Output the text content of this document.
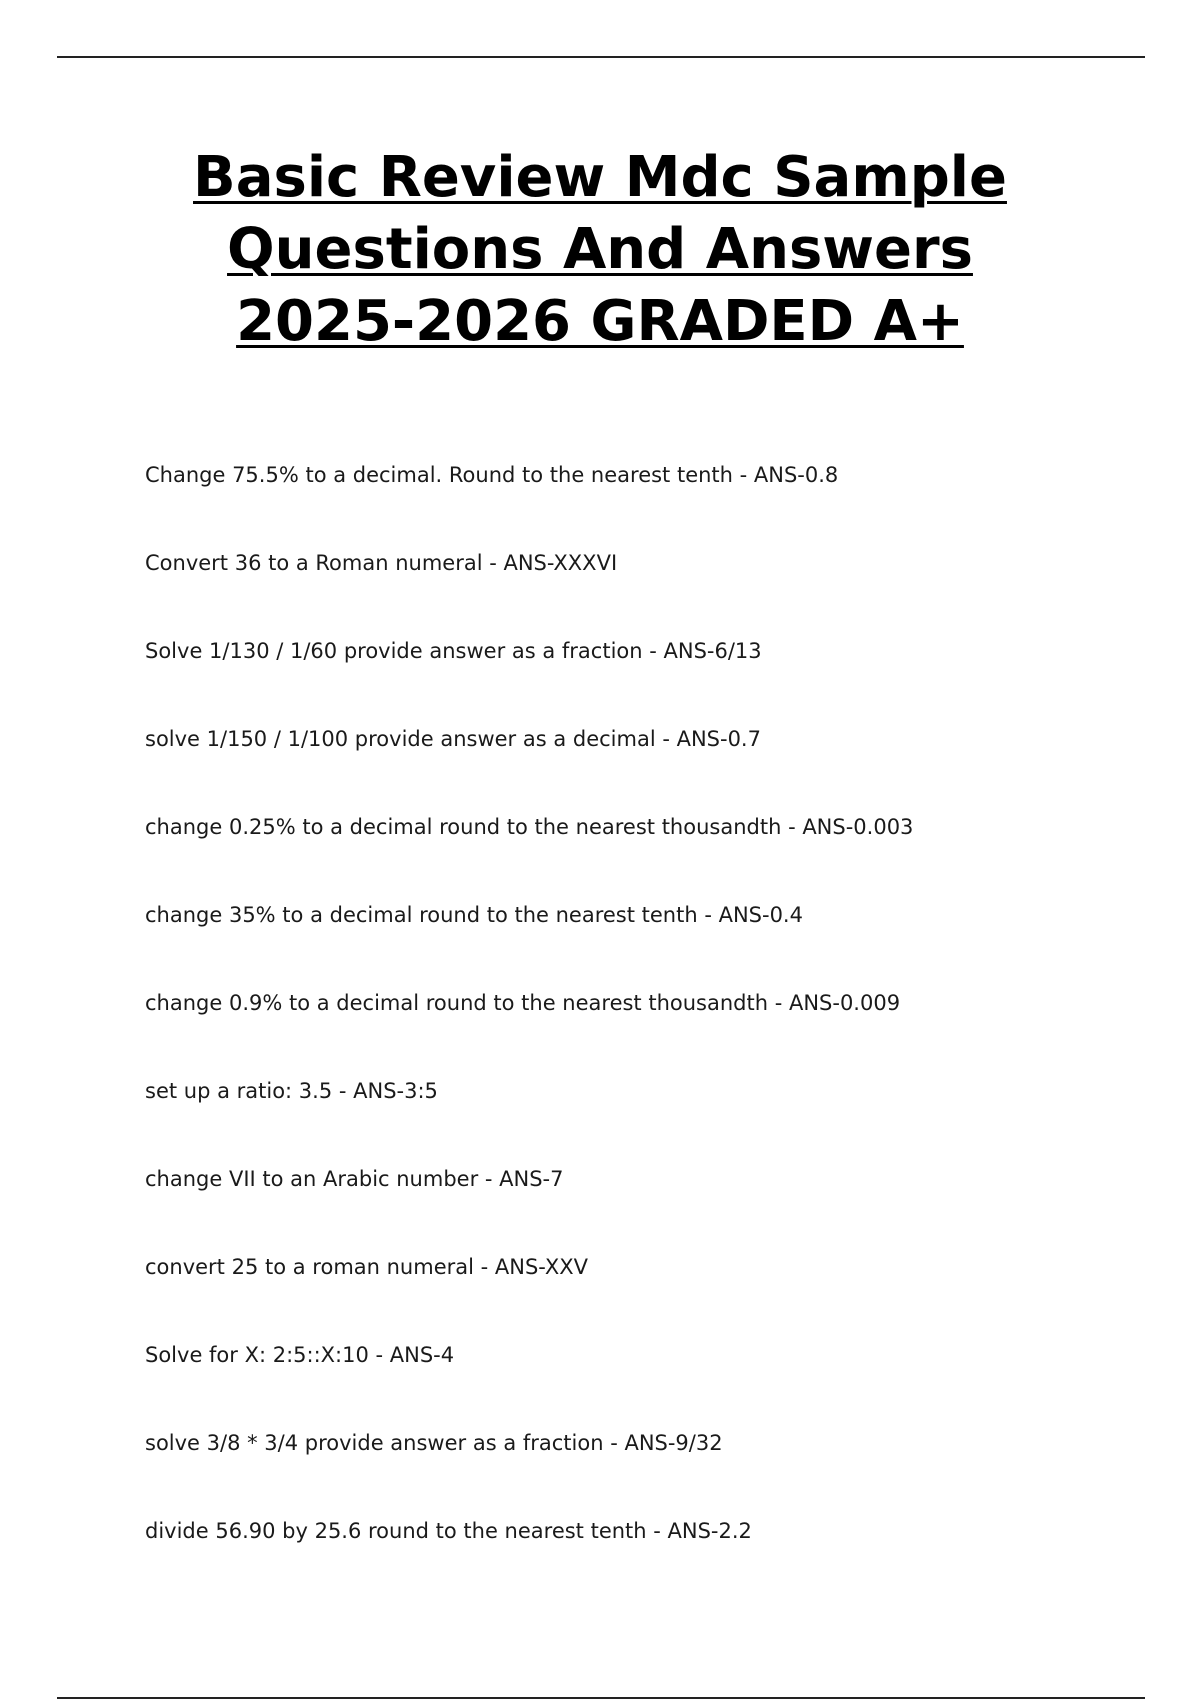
Basic Review Mdc Sample
Questions And Answers
2025-2026 GRADED A+
Change 75.5% to a decimal. Round to the nearest tenth - ANS-0.8
Convert 36 to a Roman numeral - ANS-XXXVI
Solve 1/130 / 1/60 provide answer as a fraction - ANS-6/13
solve 1/150 / 1/100 provide answer as a decimal - ANS-0.7
change 0.25% to a decimal round to the nearest thousandth - ANS-0.003
change 35% to a decimal round to the nearest tenth - ANS-0.4
change 0.9% to a decimal round to the nearest thousandth - ANS-0.009
set up a ratio: 3.5 - ANS-3:5
change VII to an Arabic number - ANS-7
convert 25 to a roman numeral - ANS-XXV
Solve for X: 2:5::X:10 - ANS-4
solve 3/8 * 3/4 provide answer as a fraction - ANS-9/32
divide 56.90 by 25.6 round to the nearest tenth - ANS-2.2
